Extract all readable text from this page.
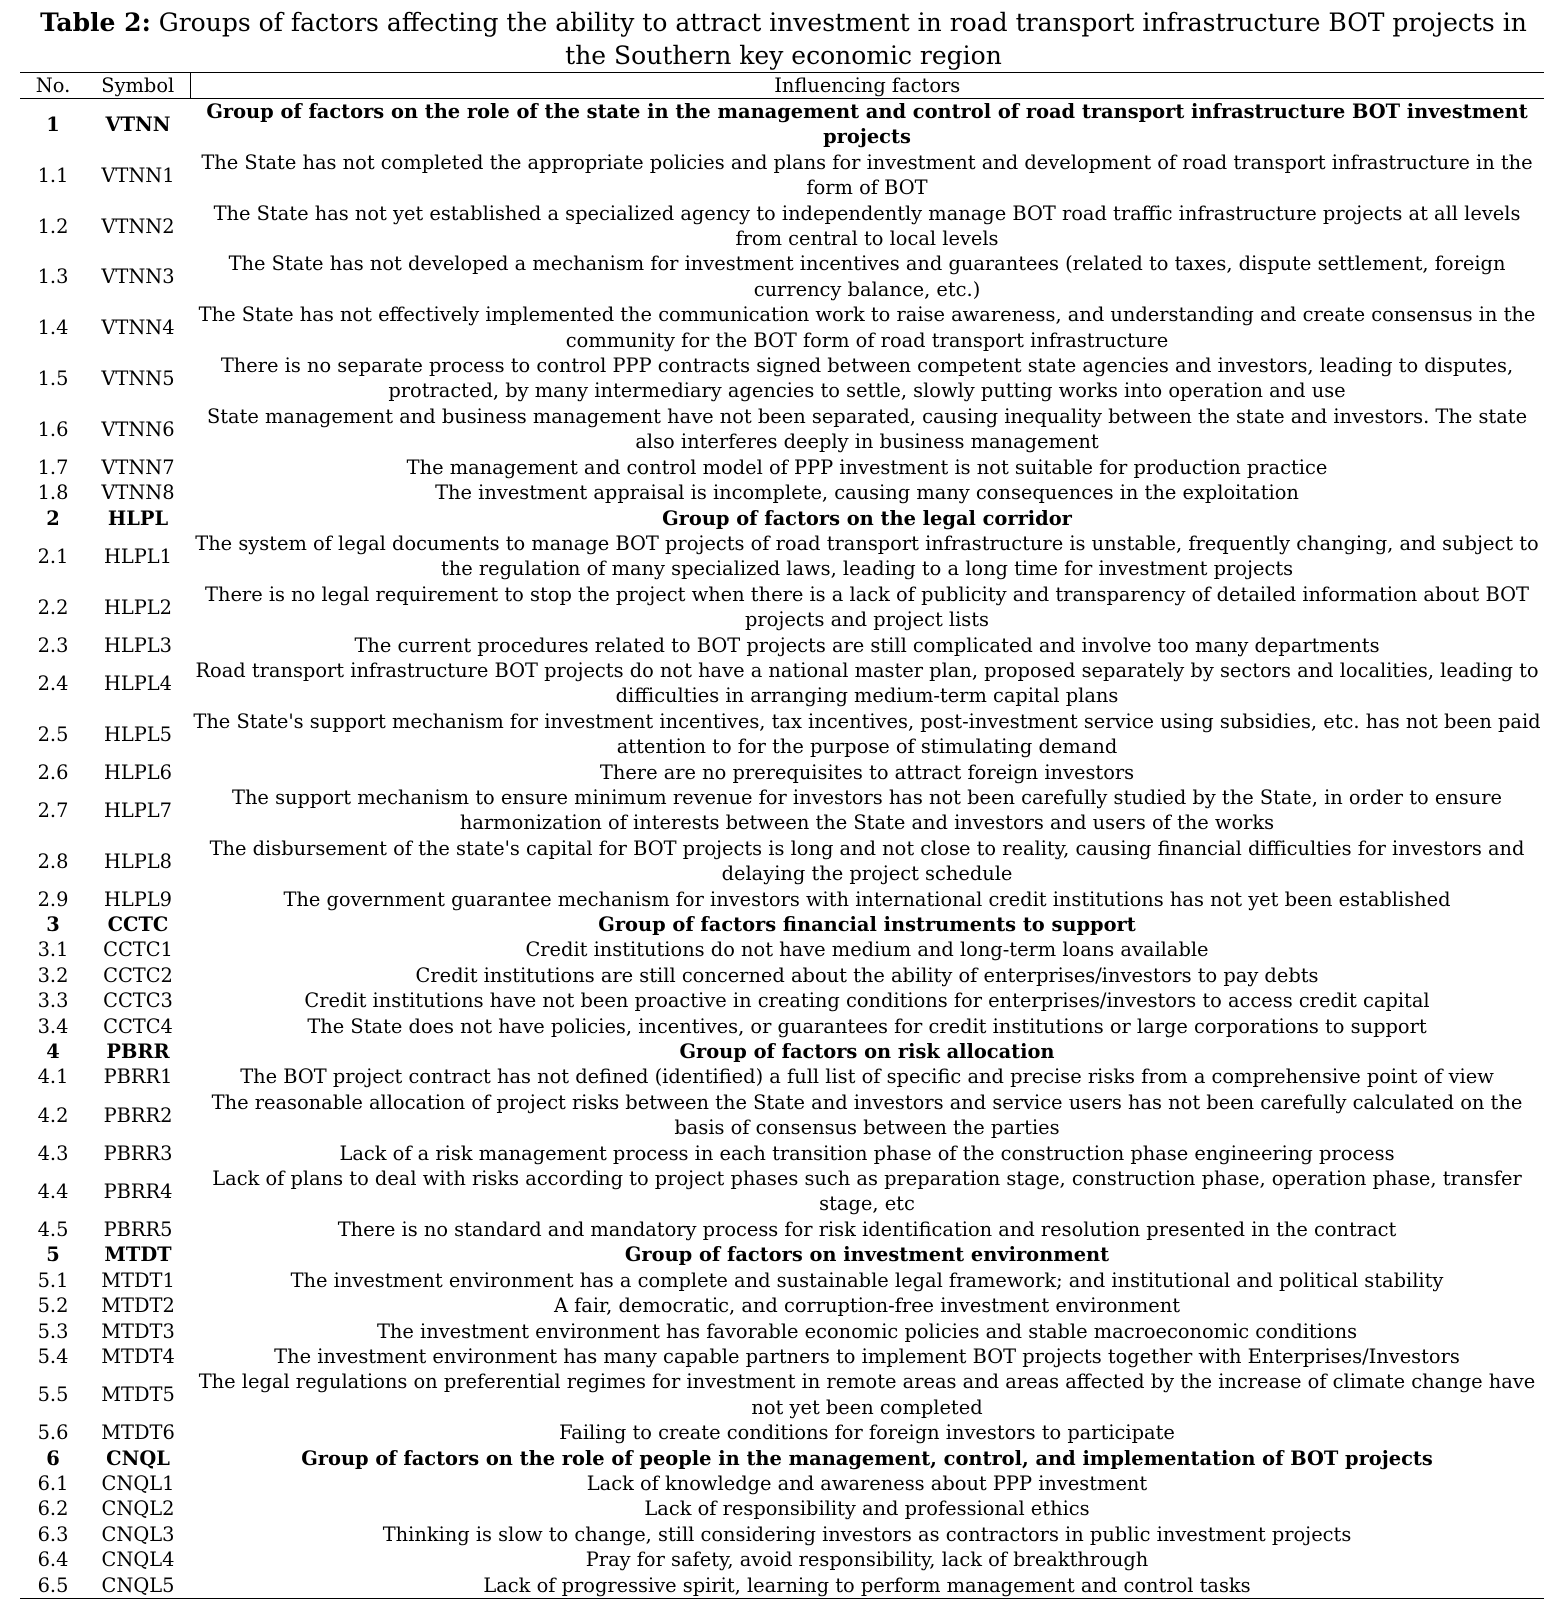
Table 2: Groups of factors affecting the ability to attract investment in road transport infrastructure BOT projects in the Southern key economic region
No.	Symbol	Influencing factors
1	VTNN	Group of factors on the role of the state in the management and control of road transport infrastructure BOT investment projects
1.1	VTNN1	The State has not completed the appropriate policies and plans for investment and development of road transport infrastructure in the form of BOT
1.2	VTNN2	The State has not yet established a specialized agency to independently manage BOT road traffic infrastructure projects at all levels from central to local levels
1.3	VTNN3	The State has not developed a mechanism for investment incentives and guarantees (related to taxes, dispute settlement, foreign currency balance, etc.)
1.4	VTNN4	The State has not effectively implemented the communication work to raise awareness, and understanding and create consensus in the community for the BOT form of road transport infrastructure
1.5	VTNN5	There is no separate process to control PPP contracts signed between competent state agencies and investors, leading to disputes, protracted, by many intermediary agencies to settle, slowly putting works into operation and use
1.6	VTNN6	State management and business management have not been separated, causing inequality between the state and investors. The state also interferes deeply in business management
1.7	VTNN7	The management and control model of PPP investment is not suitable for production practice
1.8	VTNN8	The investment appraisal is incomplete, causing many consequences in the exploitation
2	HLPL	Group of factors on the legal corridor
2.1	HLPL1	The system of legal documents to manage BOT projects of road transport infrastructure is unstable, frequently changing, and subject to the regulation of many specialized laws, leading to a long time for investment projects
2.2	HLPL2	There is no legal requirement to stop the project when there is a lack of publicity and transparency of detailed information about BOT projects and project lists
2.3	HLPL3	The current procedures related to BOT projects are still complicated and involve too many departments
2.4	HLPL4	Road transport infrastructure BOT projects do not have a national master plan, proposed separately by sectors and localities, leading to difficulties in arranging medium-term capital plans
2.5	HLPL5	The State's support mechanism for investment incentives, tax incentives, post-investment service using subsidies, etc. has not been paid attention to for the purpose of stimulating demand
2.6	HLPL6	There are no prerequisites to attract foreign investors
2.7	HLPL7	The support mechanism to ensure minimum revenue for investors has not been carefully studied by the State, in order to ensure harmonization of interests between the State and investors and users of the works
2.8	HLPL8	The disbursement of the state's capital for BOT projects is long and not close to reality, causing financial difficulties for investors and delaying the project schedule
2.9	HLPL9	The government guarantee mechanism for investors with international credit institutions has not yet been established
3	CCTC	Group of factors financial instruments to support
3.1	CCTC1	Credit institutions do not have medium and long-term loans available
3.2	CCTC2	Credit institutions are still concerned about the ability of enterprises/investors to pay debts
3.3	CCTC3	Credit institutions have not been proactive in creating conditions for enterprises/investors to access credit capital
3.4	CCTC4	The State does not have policies, incentives, or guarantees for credit institutions or large corporations to support
4	PBRR	Group of factors on risk allocation
4.1	PBRR1	The BOT project contract has not defined (identified) a full list of specific and precise risks from a comprehensive point of view
4.2	PBRR2	The reasonable allocation of project risks between the State and investors and service users has not been carefully calculated on the basis of consensus between the parties
4.3	PBRR3	Lack of a risk management process in each transition phase of the construction phase engineering process
4.4	PBRR4	Lack of plans to deal with risks according to project phases such as preparation stage, construction phase, operation phase, transfer stage, etc
4.5	PBRR5	There is no standard and mandatory process for risk identification and resolution presented in the contract
5	MTDT	Group of factors on investment environment
5.1	MTDT1	The investment environment has a complete and sustainable legal framework; and institutional and political stability
5.2	MTDT2	A fair, democratic, and corruption-free investment environment
5.3	MTDT3	The investment environment has favorable economic policies and stable macroeconomic conditions
5.4	MTDT4	The investment environment has many capable partners to implement BOT projects together with Enterprises/Investors
5.5	MTDT5	The legal regulations on preferential regimes for investment in remote areas and areas affected by the increase of climate change have not yet been completed
5.6	MTDT6	Failing to create conditions for foreign investors to participate
6	CNQL	Group of factors on the role of people in the management, control, and implementation of BOT projects
6.1	CNQL1	Lack of knowledge and awareness about PPP investment
6.2	CNQL2	Lack of responsibility and professional ethics
6.3	CNQL3	Thinking is slow to change, still considering investors as contractors in public investment projects
6.4	CNQL4	Pray for safety, avoid responsibility, lack of breakthrough
6.5	CNQL5	Lack of progressive spirit, learning to perform management and control tasks
